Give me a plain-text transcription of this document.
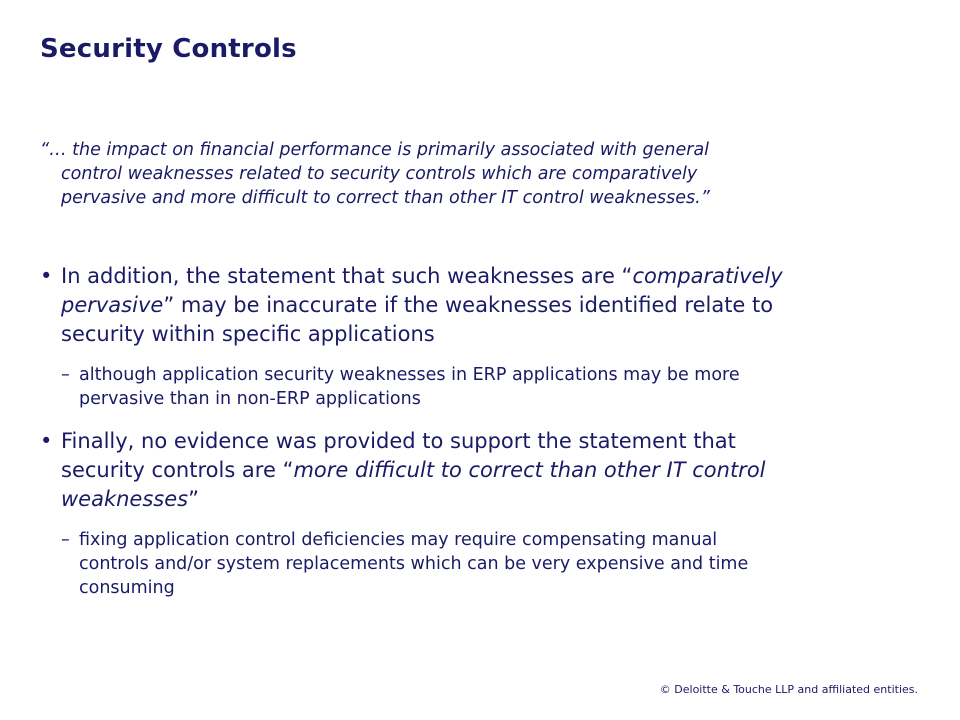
Security Controls
“… the impact on financial performance is primarily associated with general
control weaknesses related to security controls which are comparatively
pervasive and more difficult to correct than other IT control weaknesses.”
• In addition, the statement that such weaknesses are “comparatively
pervasive” may be inaccurate if the weaknesses identified relate to
security within specific applications
– although application security weaknesses in ERP applications may be more
pervasive than in non-ERP applications
• Finally, no evidence was provided to support the statement that
security controls are “more difficult to correct than other IT control
weaknesses”
– fixing application control deficiencies may require compensating manual
controls and/or system replacements which can be very expensive and time
consuming
© Deloitte & Touche LLP and affiliated entities.
